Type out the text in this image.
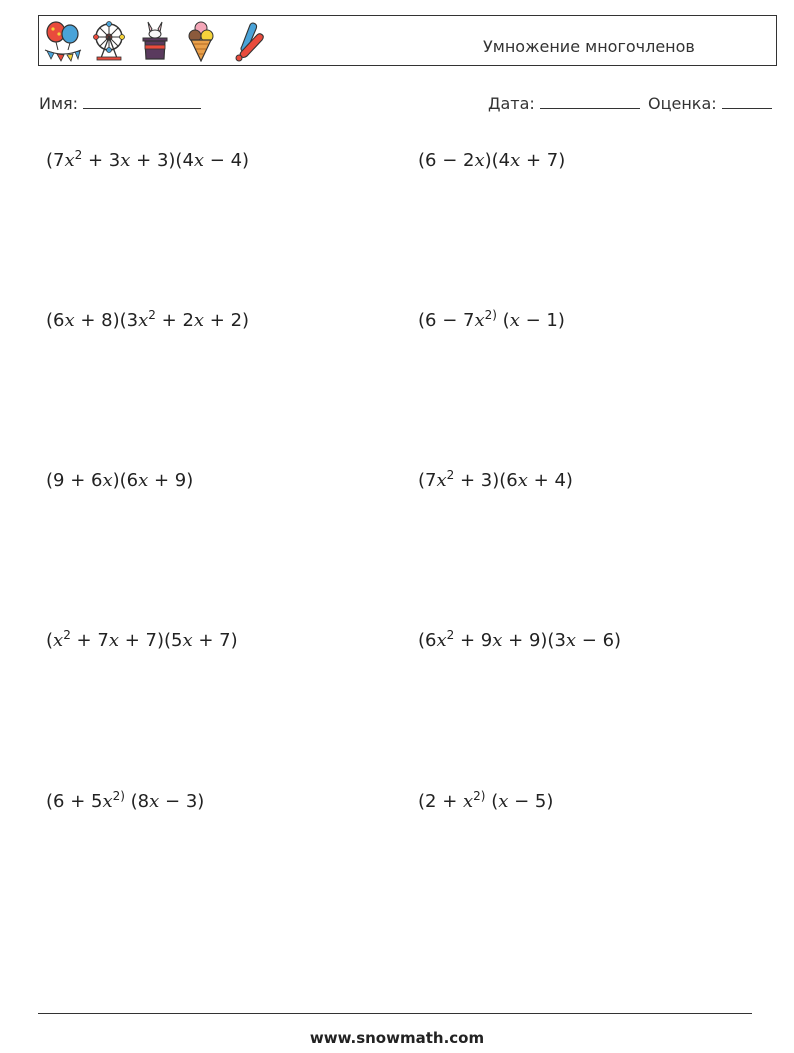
Умножение многочленов
Имя:	Дата:	Оценка:
$(7x^2 + 3x + 3)(4x - 4)$	(6 − 2x)(4x + 7)
$(6x + 8)(3x^2 + 2x + 2)$	($6 - 7x^{2)}$ (x − 1)
(9 + 6x)(6x + 9)	$(7x^2 + 3)(6x + 4)$
$(x^2 + 7x + 7)(5x + 7)$	$(6x^2 + 9x + 9)(3x - 6)$
($6 + 5x^{2)}$ (8x − 3)	($2 + x^{2)}$ (x − 5)
www.snowmath.com
